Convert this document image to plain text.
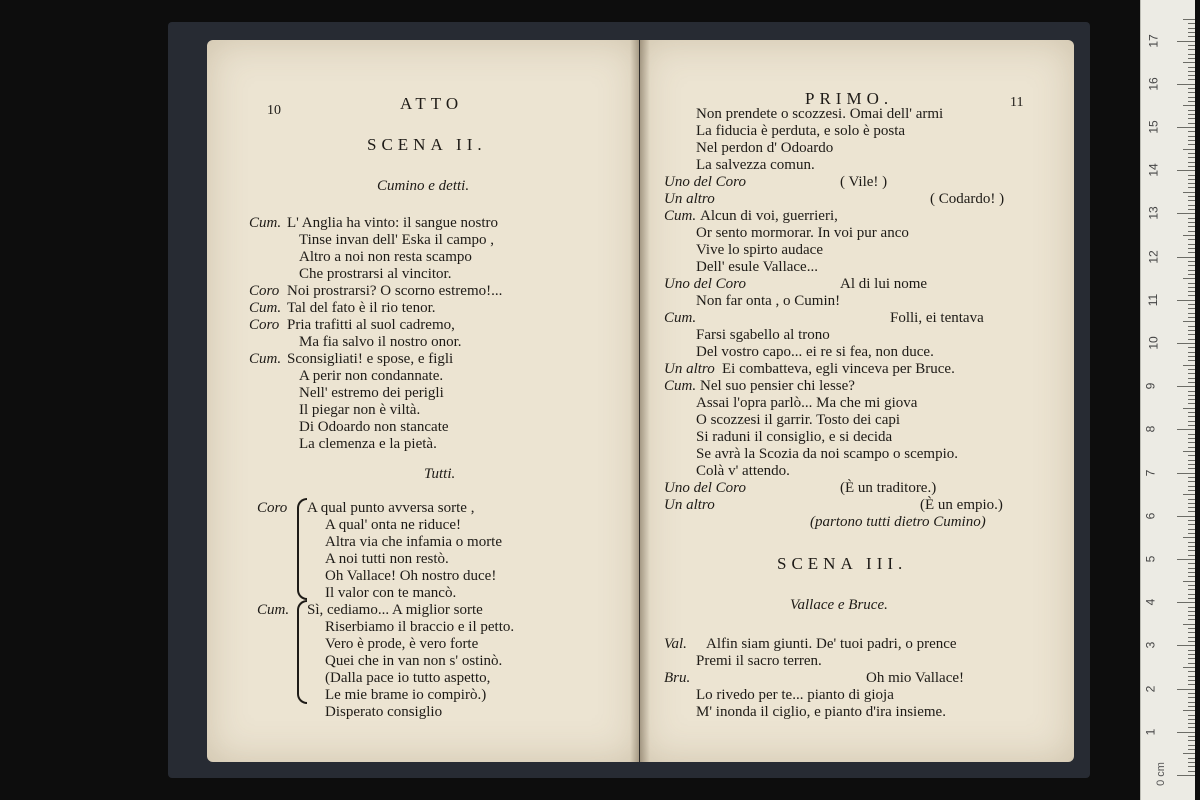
10	ATTO
SCENA II.
Cumino e detti.
Cum. L' Anglia ha vinto: il sangue nostro
Tinse invan dell' Eska il campo ,
Altro a noi non resta scampo
Che prostrarsi al vincitor.
Coro Noi prostrarsi? O scorno estremo!...
Cum. Tal del fato è il rio tenor.
Coro Pria trafitti al suol cadremo,
Ma fia salvo il nostro onor.
Cum. Sconsigliati! e spose, e figli
A perir non condannate.
Nell' estremo dei perigli
Il piegar non è viltà.
Di Odoardo non stancate
La clemenza e la pietà.
Tutti.
Coro A qual punto avversa sorte ,
A qual' onta ne riduce!
Altra via che infamia o morte
A noi tutti non restò.
Oh Vallace! Oh nostro duce!
Il valor con te mancò.
Cum. Sì, cediamo... A miglior sorte
Riserbiamo il braccio e il petto.
Vero è prode, è vero forte
Quei che in van non s' ostinò.
(Dalla pace io tutto aspetto,
Le mie brame io compirò.)
Disperato consiglio
PRIMO.	11
Non prendete o scozzesi. Omai dell' armi
La fiducia è perduta, e solo è posta
Nel perdon d' Odoardo
La salvezza comun.
Uno del Coro	( Vile! )
Un altro	( Codardo! )
Cum. Alcun di voi, guerrieri,
Or sento mormorar. In voi pur anco
Vive lo spirto audace
Dell' esule Vallace...
Uno del Coro	Al di lui nome
Non far onta , o Cumin!
Cum.	Folli, ei tentava
Farsi sgabello al trono
Del vostro capo... ei re si fea, non duce.
Un altro Ei combatteva, egli vinceva per Bruce.
Cum. Nel suo pensier chi lesse?
Assai l'opra parlò... Ma che mi giova
O scozzesi il garrir. Tosto dei capi
Si raduni il consiglio, e si decida
Se avrà la Scozia da noi scampo o scempio.
Colà v' attendo.
Uno del Coro	(È un traditore.)
Un altro	(È un empio.)
(partono tutti dietro Cumino)
SCENA III.
Vallace e Bruce.
Val. Alfin siam giunti. De' tuoi padri, o prence
Premi il sacro terren.
Bru.	Oh mio Vallace!
Lo rivedo per te... pianto di gioja
M' inonda il ciglio, e pianto d'ira insieme.
1
2
3
4
5
6
7
8
9
10
11
12
13
14
15
16
17
0 cm
